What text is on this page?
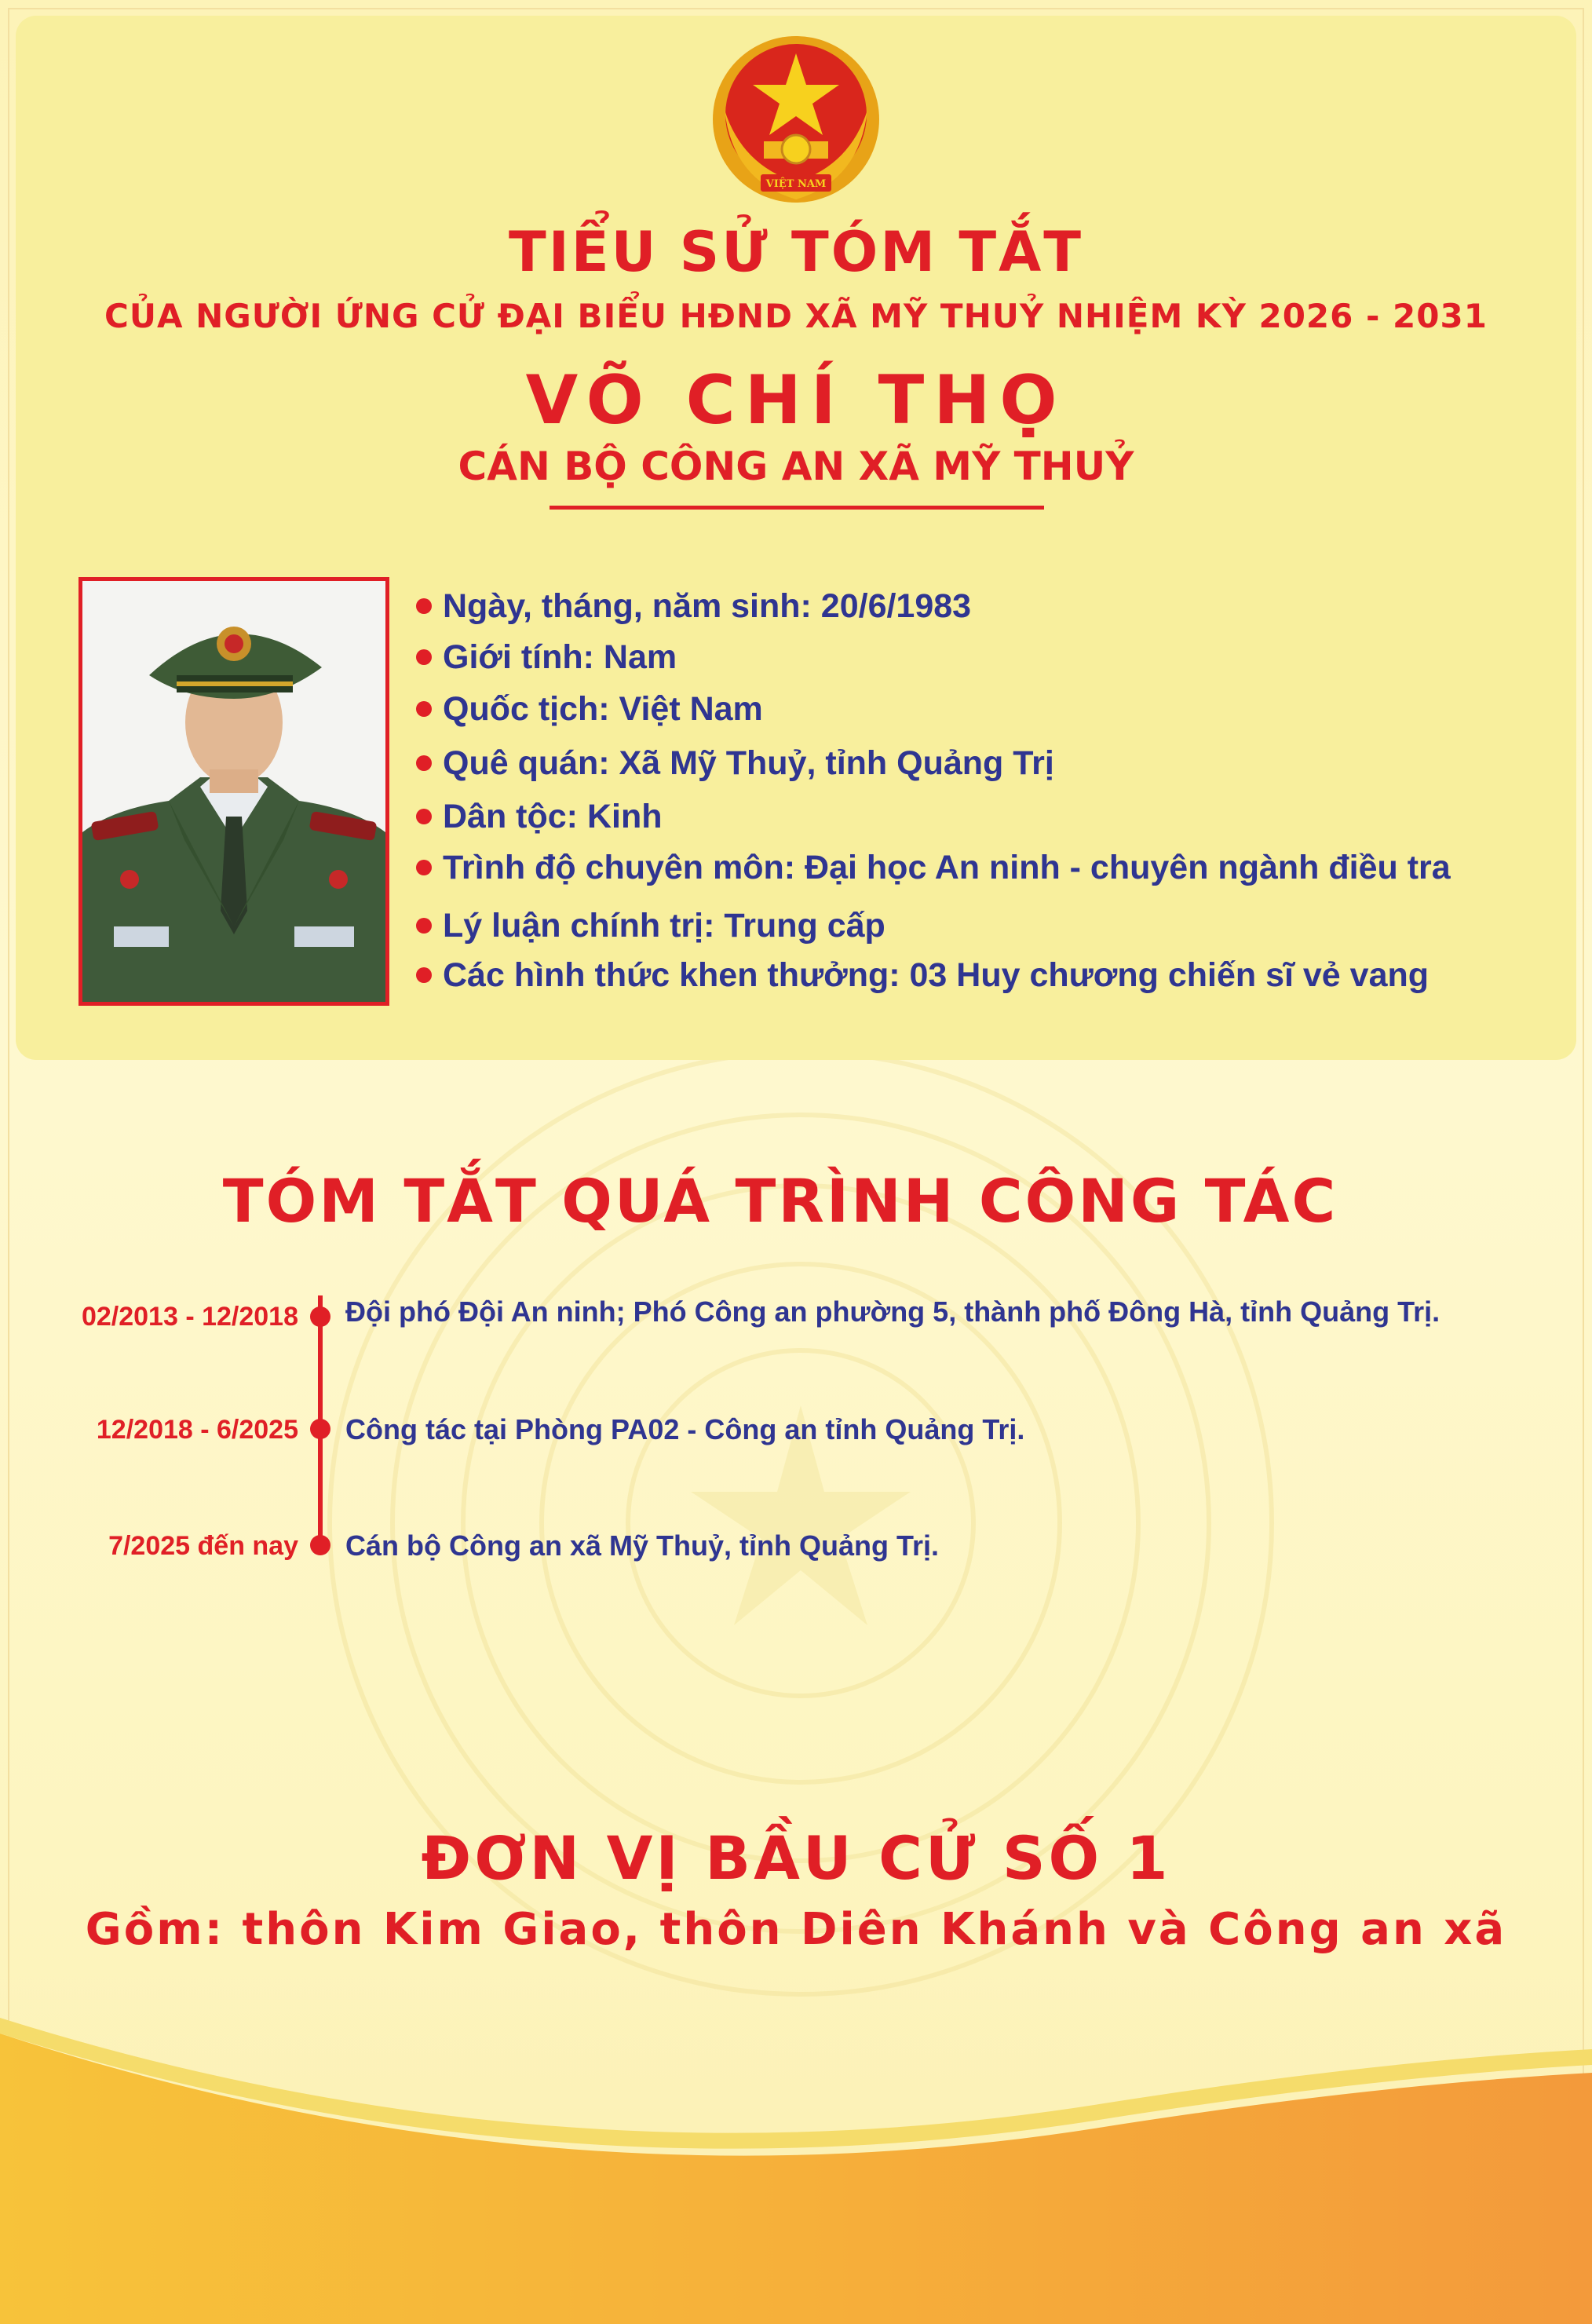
VIỆT NAM
TIỂU SỬ TÓM TẮT
CỦA NGƯỜI ỨNG CỬ ĐẠI BIỂU HĐND XÃ MỸ THUỶ NHIỆM KỲ 2026 - 2031
VÕ CHÍ THỌ
CÁN BỘ CÔNG AN XÃ MỸ THUỶ
Ngày, tháng, năm sinh: 20/6/1983
Giới tính: Nam
Quốc tịch: Việt Nam
Quê quán: Xã Mỹ Thuỷ, tỉnh Quảng Trị
Dân tộc: Kinh
Trình độ chuyên môn: Đại học An ninh - chuyên ngành điều tra
Lý luận chính trị: Trung cấp
Các hình thức khen thưởng: 03 Huy chương chiến sĩ vẻ vang
TÓM TẮT QUÁ TRÌNH CÔNG TÁC
02/2013 - 12/2018 Đội phó Đội An ninh; Phó Công an phường 5, thành phố Đông Hà, tỉnh Quảng Trị.
12/2018 - 6/2025 Công tác tại Phòng PA02 - Công an tỉnh Quảng Trị.
7/2025 đến nay Cán bộ Công an xã Mỹ Thuỷ, tỉnh Quảng Trị.
ĐƠN VỊ BẦU CỬ SỐ 1
Gồm: thôn Kim Giao, thôn Diên Khánh và Công an xã
